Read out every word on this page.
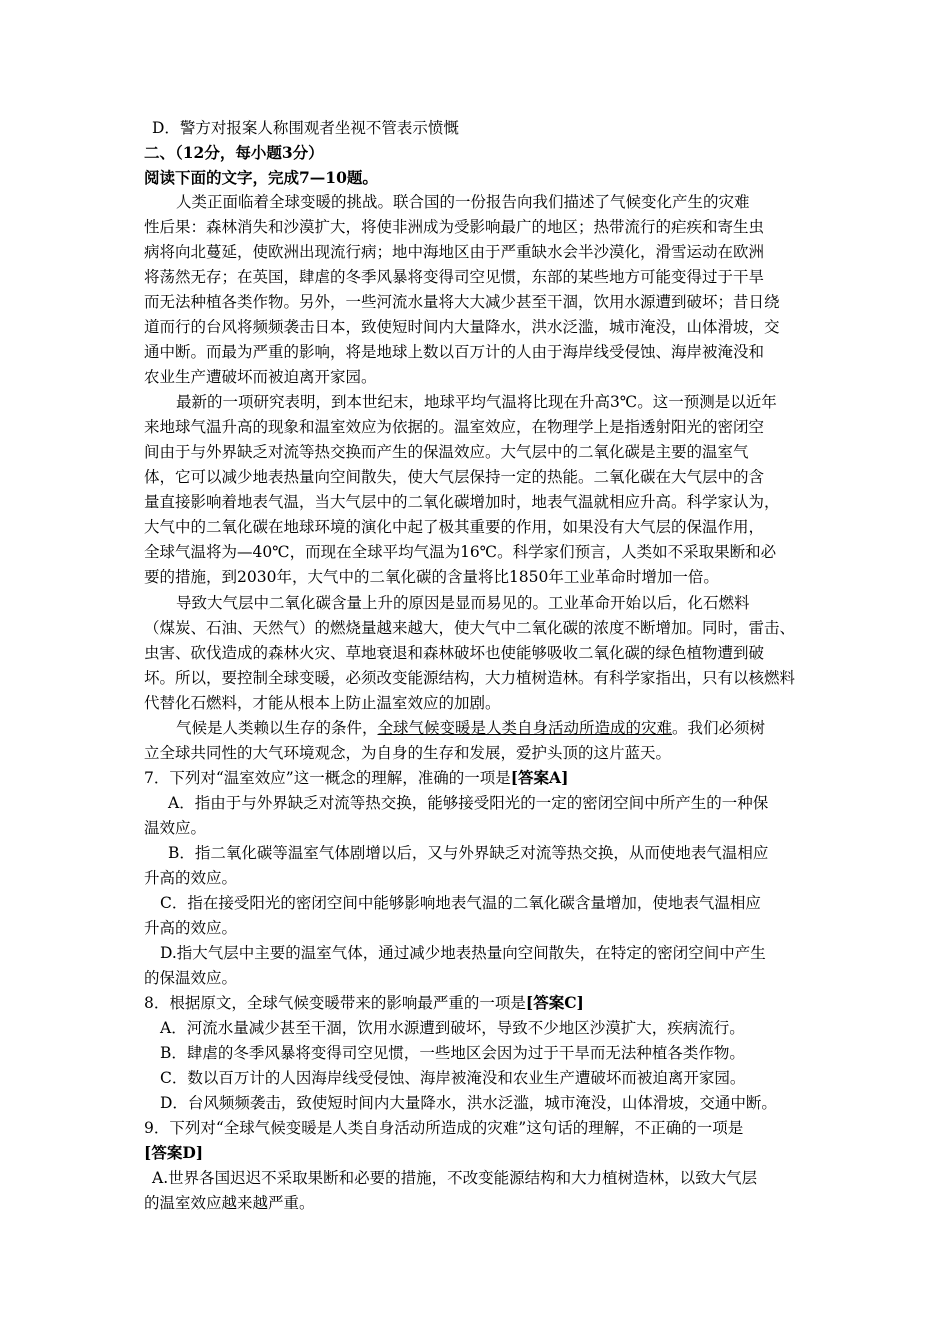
D．警方对报案人称围观者坐视不管表示愤慨
二、（12分，每小题3分）
阅读下面的文字，完成7—10题。
人类正面临着全球变暖的挑战。联合国的一份报告向我们描述了气候变化产生的灾难
性后果：森林消失和沙漠扩大，将使非洲成为受影响最广的地区；热带流行的疟疾和寄生虫
病将向北蔓延，使欧洲出现流行病；地中海地区由于严重缺水会半沙漠化，滑雪运动在欧洲
将荡然无存；在英国，肆虐的冬季风暴将变得司空见惯，东部的某些地方可能变得过于干旱
而无法种植各类作物。另外，一些河流水量将大大减少甚至干涸，饮用水源遭到破坏；昔日绕
道而行的台风将频频袭击日本，致使短时间内大量降水，洪水泛滥，城市淹没，山体滑坡，交
通中断。而最为严重的影响，将是地球上数以百万计的人由于海岸线受侵蚀、海岸被淹没和
农业生产遭破坏而被迫离开家园。
最新的一项研究表明，到本世纪末，地球平均气温将比现在升高3℃。这一预测是以近年
来地球气温升高的现象和温室效应为依据的。温室效应，在物理学上是指透射阳光的密闭空
间由于与外界缺乏对流等热交换而产生的保温效应。大气层中的二氧化碳是主要的温室气
体，它可以减少地表热量向空间散失，使大气层保持一定的热能。二氧化碳在大气层中的含
量直接影响着地表气温，当大气层中的二氧化碳增加时，地表气温就相应升高。科学家认为，
大气中的二氧化碳在地球环境的演化中起了极其重要的作用，如果没有大气层的保温作用，
全球气温将为—40℃，而现在全球平均气温为16℃。科学家们预言，人类如不采取果断和必
要的措施，到2030年，大气中的二氧化碳的含量将比1850年工业革命时增加一倍。
导致大气层中二氧化碳含量上升的原因是显而易见的。工业革命开始以后，化石燃料
（煤炭、石油、天然气）的燃烧量越来越大，使大气中二氧化碳的浓度不断增加。同时，雷击、
虫害、砍伐造成的森林火灾、草地衰退和森林破坏也使能够吸收二氧化碳的绿色植物遭到破
坏。所以，要控制全球变暖，必须改变能源结构，大力植树造林。有科学家指出，只有以核燃料
代替化石燃料，才能从根本上防止温室效应的加剧。
气候是人类赖以生存的条件，全球气候变暖是人类自身活动所造成的灾难。我们必须树
立全球共同性的大气环境观念，为自身的生存和发展，爱护头顶的这片蓝天。
7．下列对“温室效应”这一概念的理解，准确的一项是[答案A]
A．指由于与外界缺乏对流等热交换，能够接受阳光的一定的密闭空间中所产生的一种保
温效应。
B．指二氧化碳等温室气体剧增以后，又与外界缺乏对流等热交换，从而使地表气温相应
升高的效应。
C．指在接受阳光的密闭空间中能够影响地表气温的二氧化碳含量增加，使地表气温相应
升高的效应。
D.指大气层中主要的温室气体，通过减少地表热量向空间散失，在特定的密闭空间中产生
的保温效应。
8．根据原文，全球气候变暖带来的影响最严重的一项是[答案C]
A．河流水量减少甚至干涸，饮用水源遭到破坏，导致不少地区沙漠扩大，疾病流行。
B．肆虐的冬季风暴将变得司空见惯，一些地区会因为过于干旱而无法种植各类作物。
C．数以百万计的人因海岸线受侵蚀、海岸被淹没和农业生产遭破坏而被迫离开家园。
D．台风频频袭击，致使短时间内大量降水，洪水泛滥，城市淹没，山体滑坡，交通中断。
9．下列对“全球气候变暖是人类自身活动所造成的灾难”这句话的理解，不正确的一项是
[答案D]
A.世界各国迟迟不采取果断和必要的措施，不改变能源结构和大力植树造林，以致大气层
的温室效应越来越严重。
